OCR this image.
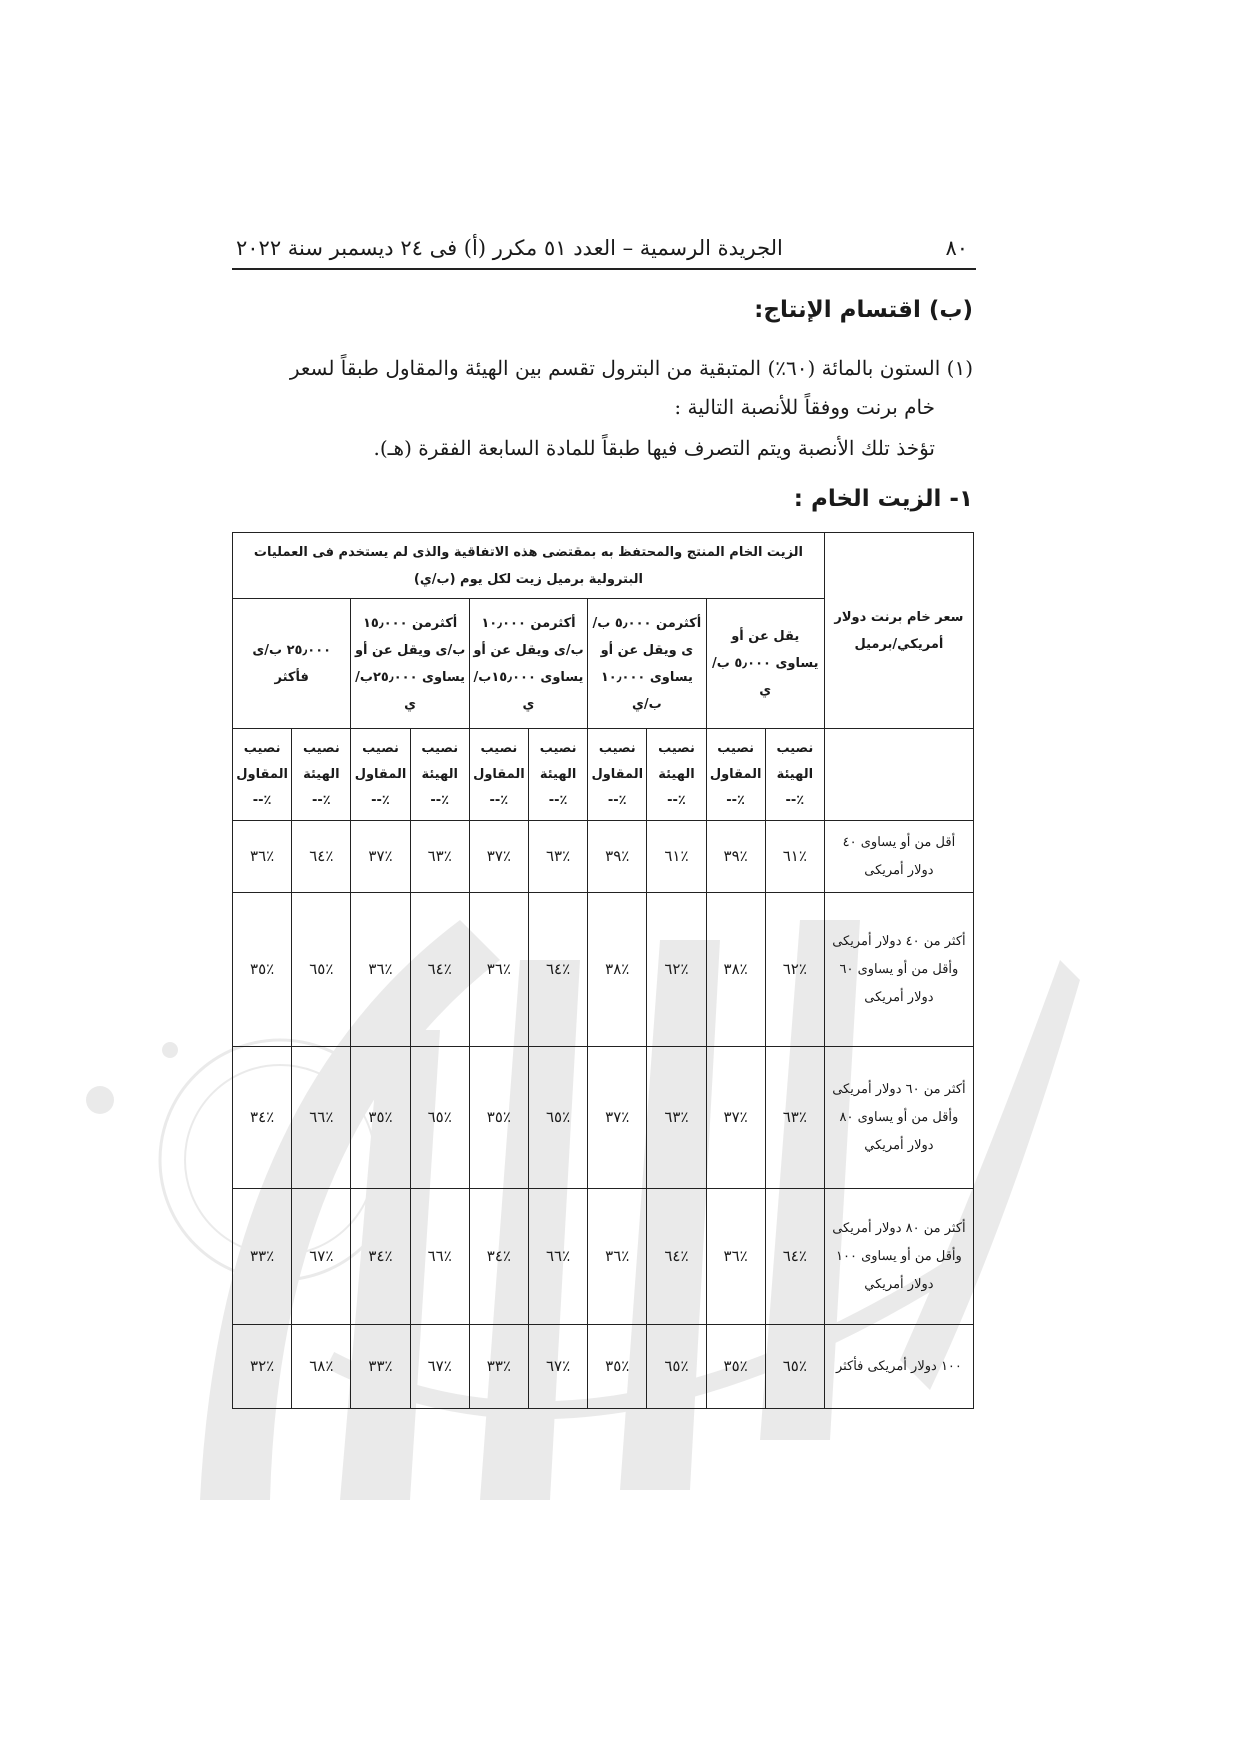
٨٠
الجريدة الرسمية – العدد ٥١ مكرر (أ) فى ٢٤ ديسمبر سنة ٢٠٢٢
(ب) اقتسام الإنتاج:
(١) الستون بالمائة (٦٠٪) المتبقية من البترول تقسم بين الهيئة والمقاول طبقاً لسعر
خام برنت ووفقاً للأنصبة التالية :
تؤخذ تلك الأنصبة ويتم التصرف فيها طبقاً للمادة السابعة الفقرة (هـ).
١- الزيت الخام :
سعر خام برنت دولار أمريكي/برميل	الزيت الخام المنتج والمحتفظ به بمقتضى هذه الاتفاقية والذى لم يستخدم فى العمليات البترولية برميل زيت لكل يوم (ب/ي)									
	يقل عن أو يساوى ٥٫٠٠٠ ب/ي		أكثرمن ٥٫٠٠٠ ب/ى ويقل عن أو يساوى ١٠٫٠٠٠ ب/ي		أكثرمن ١٠٫٠٠٠ ب/ى ويقل عن أو يساوى ١٥٫٠٠٠ب/ي		أكثرمن ١٥٫٠٠٠ ب/ى ويقل عن أو يساوى ٢٥٫٠٠٠ب/ي		٢٥٫٠٠٠ ب/ى فأكثر	
	نصيب الهيئة ٪--	نصيب المقاول ٪--	نصيب الهيئة ٪--	نصيب المقاول ٪--	نصيب الهيئة ٪--	نصيب المقاول ٪--	نصيب الهيئة ٪--	نصيب المقاول ٪--	نصيب الهيئة ٪--	نصيب المقاول ٪--
أقل من أو يساوى ٤٠ دولار أمريكى	٪٦١	٪٣٩	٪٦١	٪٣٩	٪٦٣	٪٣٧	٪٦٣	٪٣٧	٪٦٤	٪٣٦
أكثر من ٤٠ دولار أمريكى وأقل من أو يساوى ٦٠ دولار أمريكى	٪٦٢	٪٣٨	٪٦٢	٪٣٨	٪٦٤	٪٣٦	٪٦٤	٪٣٦	٪٦٥	٪٣٥
أكثر من ٦٠ دولار أمريكى وأقل من أو يساوى ٨٠ دولار أمريكي	٪٦٣	٪٣٧	٪٦٣	٪٣٧	٪٦٥	٪٣٥	٪٦٥	٪٣٥	٪٦٦	٪٣٤
أكثر من ٨٠ دولار أمريكى وأقل من أو يساوى ١٠٠ دولار أمريكي	٪٦٤	٪٣٦	٪٦٤	٪٣٦	٪٦٦	٪٣٤	٪٦٦	٪٣٤	٪٦٧	٪٣٣
١٠٠ دولار أمريكى فأكثر	٪٦٥	٪٣٥	٪٦٥	٪٣٥	٪٦٧	٪٣٣	٪٦٧	٪٣٣	٪٦٨	٪٣٢
